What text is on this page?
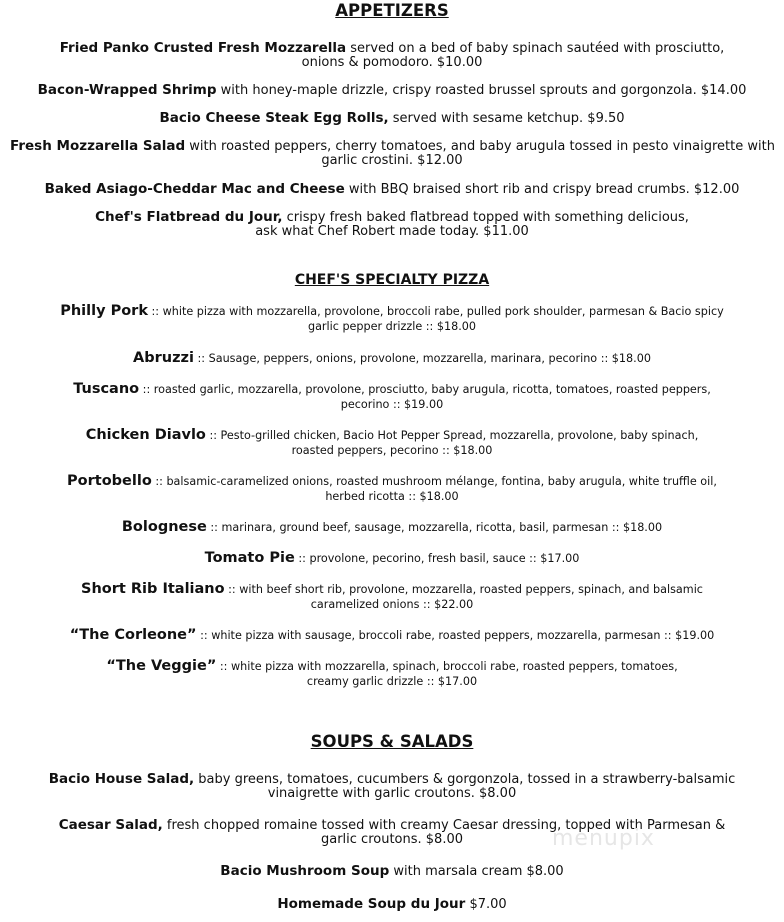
APPETIZERS
Fried Panko Crusted Fresh Mozzarella served on a bed of baby spinach sautéed with prosciutto,
onions & pomodoro. $10.00
Bacon-Wrapped Shrimp with honey-maple drizzle, crispy roasted brussel sprouts and gorgonzola. $14.00
Bacio Cheese Steak Egg Rolls, served with sesame ketchup. $9.50
Fresh Mozzarella Salad with roasted peppers, cherry tomatoes, and baby arugula tossed in pesto vinaigrette with
garlic crostini. $12.00
Baked Asiago-Cheddar Mac and Cheese with BBQ braised short rib and crispy bread crumbs. $12.00
Chef's Flatbread du Jour, crispy fresh baked flatbread topped with something delicious,
ask what Chef Robert made today. $11.00
CHEF'S SPECIALTY PIZZA
Philly Pork :: white pizza with mozzarella, provolone, broccoli rabe, pulled pork shoulder, parmesan & Bacio spicy
garlic pepper drizzle :: $18.00
Abruzzi :: Sausage, peppers, onions, provolone, mozzarella, marinara, pecorino :: $18.00
Tuscano :: roasted garlic, mozzarella, provolone, prosciutto, baby arugula, ricotta, tomatoes, roasted peppers,
pecorino :: $19.00
Chicken Diavlo :: Pesto-grilled chicken, Bacio Hot Pepper Spread, mozzarella, provolone, baby spinach,
roasted peppers, pecorino :: $18.00
Portobello :: balsamic-caramelized onions, roasted mushroom mélange, fontina, baby arugula, white truffle oil,
herbed ricotta :: $18.00
Bolognese :: marinara, ground beef, sausage, mozzarella, ricotta, basil, parmesan :: $18.00
Tomato Pie :: provolone, pecorino, fresh basil, sauce :: $17.00
Short Rib Italiano :: with beef short rib, provolone, mozzarella, roasted peppers, spinach, and balsamic
caramelized onions :: $22.00
“The Corleone” :: white pizza with sausage, broccoli rabe, roasted peppers, mozzarella, parmesan :: $19.00
“The Veggie” :: white pizza with mozzarella, spinach, broccoli rabe, roasted peppers, tomatoes,
creamy garlic drizzle :: $17.00
SOUPS & SALADS
Bacio House Salad, baby greens, tomatoes, cucumbers & gorgonzola, tossed in a strawberry-balsamic
vinaigrette with garlic croutons. $8.00
Caesar Salad, fresh chopped romaine tossed with creamy Caesar dressing, topped with Parmesan &
garlic croutons. $8.00
Bacio Mushroom Soup with marsala cream $8.00
Homemade Soup du Jour $7.00
menupix
